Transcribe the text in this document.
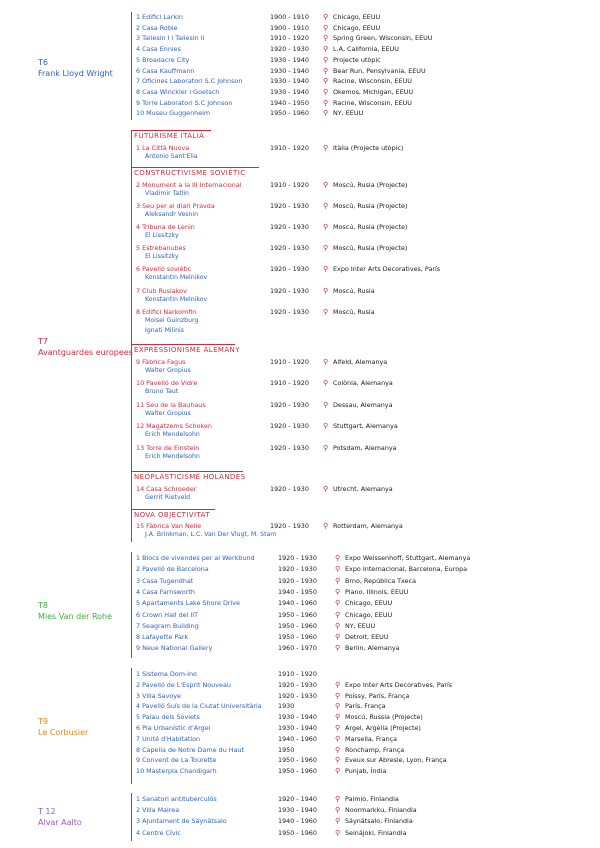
T6
Frank Lloyd Wright
1 Edifici Larkin	1900 - 1910 ⚲ Chicago, EEUU
2 Casa Robie	1900 - 1910 ⚲ Chicago, EEUU
3 Taliesin I i Taliesin II	1910 - 1920 ⚲ Spring Green, Wisconsin, EEUU
4 Casa Ennies	1920 - 1930 ⚲ L.A, California, EEUU
5 Broadacre City	1930 - 1940 ⚲ Projecte utòpic
6 Casa Kauffmann	1930 - 1940 ⚲ Bear Run, Pensylvania, EEUU
7 Oficines Laboratori S.C Johnson	1930 - 1940 ⚲ Racine, Wisconsin, EEUU
8 Casa Winckler i Goetsch	1930 - 1940 ⚲ Okemos, Michigan, EEUU
9 Torre Laboratori S.C Johnson	1940 - 1950 ⚲ Racine, Wisconsin, EEUU
10 Museu Guggenheim	1950 - 1960 ⚲ NY, EEUU
T7
Avantguardes europees
FUTURISME ITALIÀ
1 La Città Nuova	1910 - 1920 ⚲ Itàlia (Projecte utòpic)
Antonio Sant'Elia
CONSTRUCTIVISME SOVIÈTIC
2 Monument a la III Internacional	1910 - 1920 ⚲ Moscú, Rusia (Projecte)
Vladimir Tatlin
3 Seu per al diari Pravda	1920 - 1930 ⚲ Moscú, Rusia (Projecte)
Aleksandr Vesnin
4 Tribuna de Lenin	1920 - 1930 ⚲ Moscú, Rusia (Projecte)
El Lissitzky
5 Estrebanubes	1920 - 1930 ⚲ Moscú, Rusia (Projecte)
El Lissitzky
6 Pavelló soviètic	1920 - 1930 ⚲ Expo Inter Arts Decoratives, París
Konstantin Melnikov
7 Club Rusiakov	1920 - 1930 ⚲ Moscú, Rusia
Konstantin Melnikov
8 Edifici Narkomfin	1920 - 1930 ⚲ Moscú, Rusia
Moisei Guinzburg
Ignati Milinis
EXPRESSIONISME ALEMANY
9 Fàbrica Fagus	1910 - 1920 ⚲ Alfeld, Alemanya
Walter Gropius
10 Pavelló de Vidre	1910 - 1920 ⚲ Colònia, Alemanya
Bruno Taut
11 Seu de la Bauhaus	1920 - 1930 ⚲ Dessau, Alemanya
Walter Gropius
12 Magatzems Schoken	1920 - 1930 ⚲ Stuttgart, Alemanya
Erich Mendelsohn
13 Torre de Einstein	1920 - 1930 ⚲ Potsdam, Alemanya
Erich Mendelsohn
NEOPLASTICISME HOLANDÈS
14 Casa Schroeder	1920 - 1930 ⚲ Utrecht, Alemanya
Gerrit Rietveld
NOVA OBJECTIVITAT
15 Fàbrica Van Nelle	1920 - 1930 ⚲ Rotterdam, Alemanya
J.A. Brinkman, L.C. Van Der Vlugt, M. Stam
T8
Mies Van der Rohe
1 Blocs de vivendes per al Werkbund	1920 - 1930	⚲ Expo Weissenhoff, Stuttgart, Alemanya
2 Pavelló de Barcelona	1920 - 1930	⚲ Expo Internacional, Barcelona, Europa
3 Casa Tugendhat	1920 - 1930	⚲ Brno, República Txeca
4 Casa Farnsworth	1940 - 1950	⚲ Plano, Illinois, EEUU
5 Apartaments Lake Shore Drive	1940 - 1960	⚲ Chicago, EEUU
6 Crown Hall del IIT	1950 - 1960	⚲ Chicago, EEUU
7 Seagram Building	1950 - 1960	⚲ NY, EEUU
8 Lafayette Park	1950 - 1960	⚲ Detroit, EEUU
9 Neue National Gallery	1960 - 1970	⚲ Berlin, Alemanya
T9
Le Corbusier
1 Sistema Dom-ino	1910 - 1920
2 Pavelló de L'Esprit Nouveau	1920 - 1930	⚲ Expo Inter Arts Decoratives, París
3 Villa Savoye	1920 - 1930	⚲ Poissy, París, França
4 Pavelló Suís de la Ciutat Universitària	1930	⚲ París, França
5 Palau dels Soviets	1930 - 1940	⚲ Moscú, Russia (Projecte)
6 Pla Urbanístic d'Argel	1930 - 1940	⚲ Argel, Argèlia (Projecte)
7 Unité d'Habitation	1940 - 1960	⚲ Marsella, França
8 Capella de Notre Dame du Haut	1950	⚲ Ronchamp, França
9 Convent de La Tourette	1950 - 1960	⚲ Eveux sur Abresle, Lyon, França
10 Masterpla Chandigarh	1950 - 1960	⚲ Punjab, Índia
T 12
Alvar Aalto
1 Sanatori antituberculós	1920 - 1940	⚲ Paimio, Finlandia
2 Villa Mairea	1930 - 1940	⚲ Noormarkku, Finlandia
3 Ajuntament de Säynätsalo	1940 - 1960	⚲ Säynätsalo, Finlandia
4 Centre Cívic	1950 - 1960	⚲ Seinäjoki, Finlandia
